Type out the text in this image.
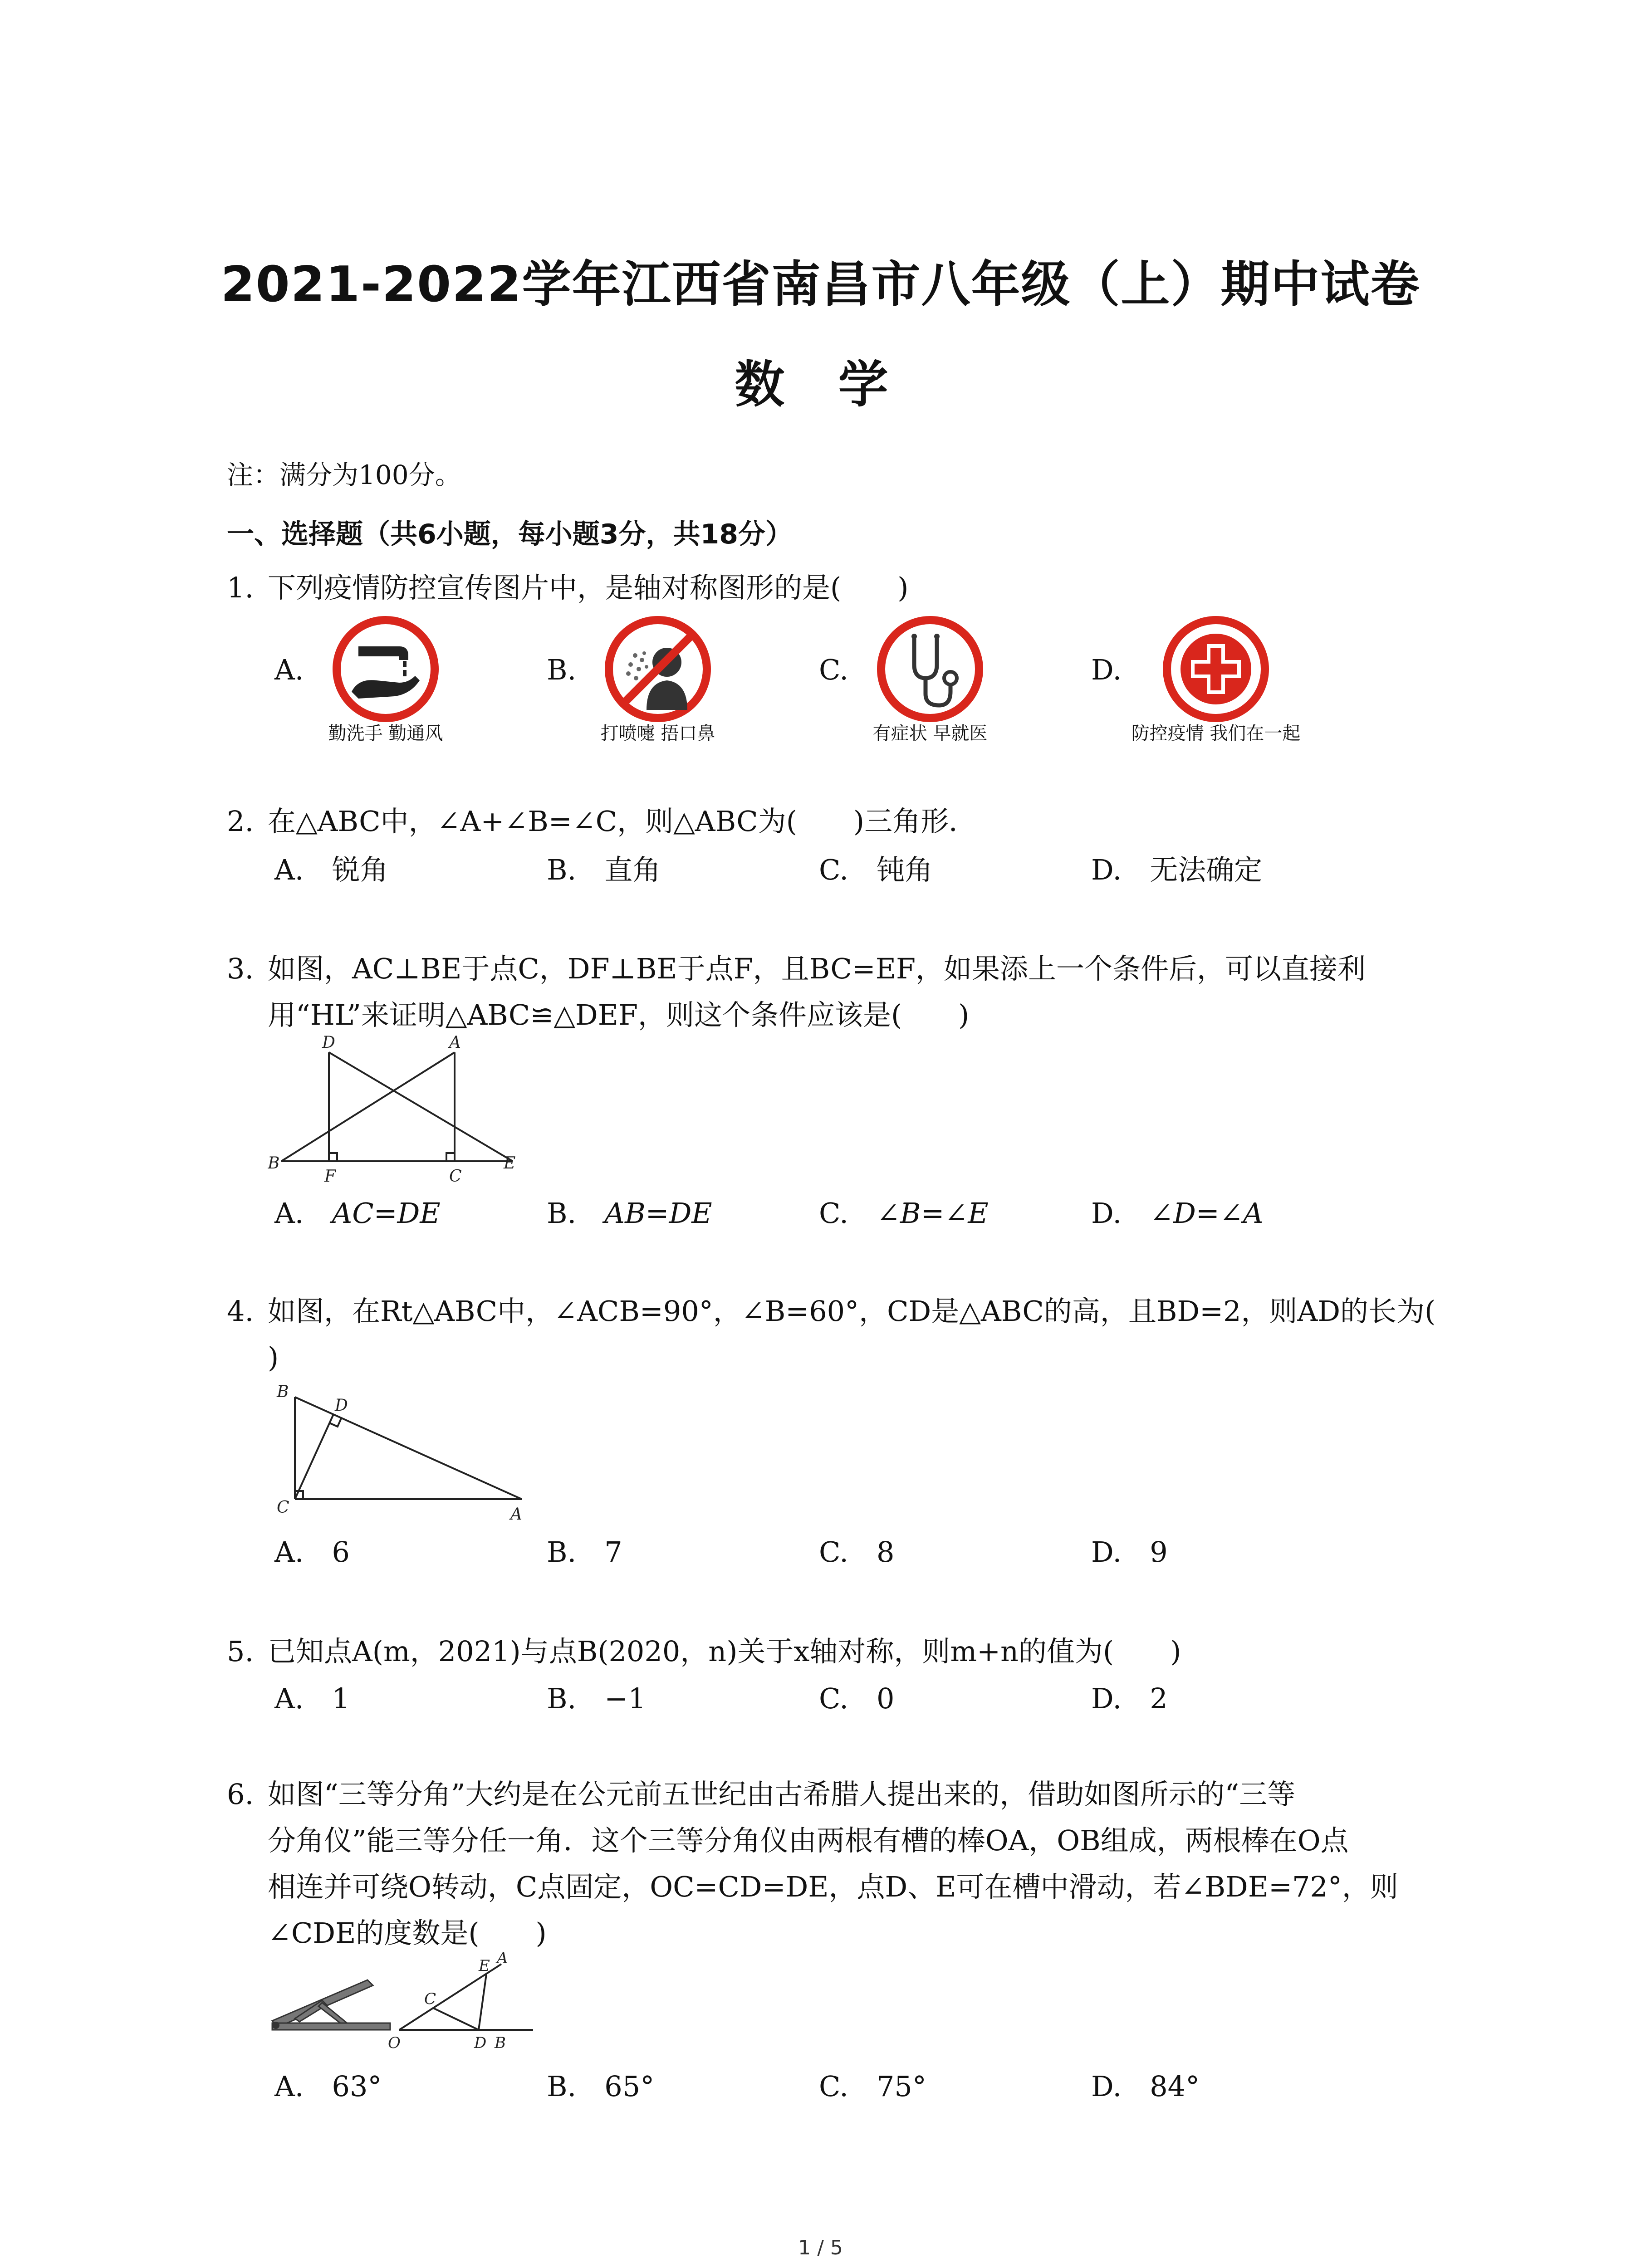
2021-2022学年江西省南昌市八年级（上）期中试卷
数 学
注：满分为100分。
一、选择题（共6小题，每小题3分，共18分）
1. 下列疫情防控宣传图片中，是轴对称图形的是(　　)
A.	B.	C.	D.
勤洗手 勤通风	打喷嚏 捂口鼻	有症状 早就医	防控疫情 我们在一起
2. 在△ABC中，∠A+∠B=∠C，则△ABC为(　　)三角形．
A.　 锐角	B.　 直角	C.　 钝角	D.　 无法确定
3. 如图，AC⊥BE于点C，DF⊥BE于点F，且BC=EF，如果添上一个条件后，可以直接利
用“HL”来证明△ABC≌△DEF，则这个条件应该是(　　)
D	A
B
F	C
E
A.　 AC=DE	B.　 AB=DE	C.　 ∠B=∠E	D.　 ∠D=∠A
4. 如图，在Rt△ABC中，∠ACB=90°，∠B=60°，CD是△ABC的高，且BD=2，则AD的长为(
)
B
D
C	A
A.　 6	B.　 7	C.　 8	D.　 9
5. 已知点A(m，2021)与点B(2020，n)关于x轴对称，则m+n的值为(　　)
A.　 1	B.　 −1	C.　 0	D.　 2
6. 如图“三等分角”大约是在公元前五世纪由古希腊人提出来的，借助如图所示的“三等
分角仪”能三等分任一角．这个三等分角仪由两根有槽的棒OA，OB组成，两根棒在O点
相连并可绕O转动，C点固定，OC=CD=DE，点D、E可在槽中滑动，若∠BDE=72°，则
∠CDE的度数是(　　)
E A
C
O	D B
A.　 63°	B.　 65°	C.　 75°	D.　 84°
1 / 5
